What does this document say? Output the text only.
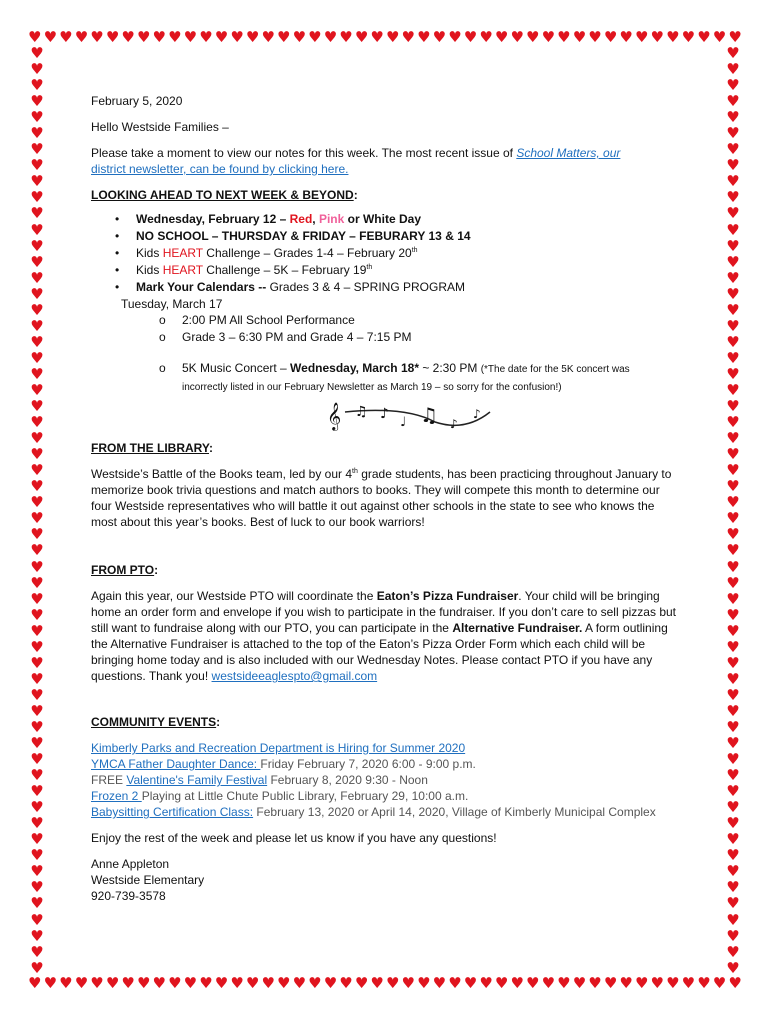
♥ ♥ ♥ ♥ ♥ ♥ ♥ ♥ ♥ ♥ ♥ ♥ ♥ ♥ ♥ ♥ ♥ ♥ ♥ ♥ ♥ ♥ ♥ ♥ ♥ ♥ ♥ ♥ ♥ ♥ ♥ ♥ ♥ ♥ ♥ ♥ ♥ ♥ ♥ ♥ ♥ ♥ ♥ ♥ ♥ ♥
♥ ♥ ♥ ♥ ♥ ♥ ♥ ♥ ♥ ♥ ♥ ♥ ♥ ♥ ♥ ♥ ♥ ♥ ♥ ♥ ♥ ♥ ♥ ♥ ♥ ♥ ♥ ♥ ♥ ♥ ♥ ♥ ♥ ♥ ♥ ♥ ♥ ♥ ♥ ♥ ♥ ♥ ♥ ♥ ♥ ♥
♥
♥
♥
♥
♥
♥
♥
♥
♥
♥
♥
♥
♥
♥
♥
♥
♥
♥
♥
♥
♥
♥
♥
♥
♥
♥
♥
♥
♥
♥
♥
♥
♥
♥
♥
♥
♥
♥
♥
♥
♥
♥
♥
♥
♥
♥
♥
♥
♥
♥
♥
♥
♥
♥
♥
♥
♥
♥
♥
♥
♥
♥
♥
♥
♥
♥
♥
♥
♥
♥
♥
♥
♥
♥
♥
♥
♥
♥
♥
♥
♥
♥
♥
♥
♥
♥
♥
♥
♥
♥
♥
♥
♥
♥
♥
♥
♥
♥
♥
♥
♥
♥
♥
♥
♥
♥
♥
♥
♥
♥
♥
♥
♥
♥
♥
♥

February 5, 2020

Hello Westside Families –

Please take a moment to view our notes for this week. The most recent issue of School Matters, our
district newsletter, can be found by clicking here.

LOOKING AHEAD TO NEXT WEEK & BEYOND:

• Wednesday, February 12 – Red, Pink or White Day
• NO SCHOOL – THURSDAY & FRIDAY – FEBURARY 13 & 14
• Kids HEART Challenge – Grades 1-4 – February 20th
• Kids HEART Challenge – 5K – February 19th
• Mark Your Calendars -- Grades 3 & 4 – SPRING PROGRAM

Tuesday, March 17

o 2:00 PM All School Performance
o Grade 3 – 6:30 PM and Grade 4 – 7:15 PM
o 5K Music Concert – Wednesday, March 18* ~ 2:30 PM (*The date for the 5K concert was
incorrectly listed in our February Newsletter as March 19 – so sorry for the confusion!)
𝄞 ♫ ♪
♩ ♫ ♪
♪

FROM THE LIBRARY:

Westside’s Battle of the Books team, led by our 4th grade students, has been practicing throughout January to memorize book trivia questions and match authors to books. They will compete this month to determine our four Westside representatives who will battle it out against other schools in the state to see who knows the most about this year’s books. Best of luck to our book warriors!

FROM PTO:

Again this year, our Westside PTO will coordinate the Eaton’s Pizza Fundraiser. Your child will be bringing home an order form and envelope if you wish to participate in the fundraiser. If you don’t care to sell pizzas but still want to fundraise along with our PTO, you can participate in the Alternative Fundraiser. A form outlining the Alternative Fundraiser is attached to the top of the Eaton’s Pizza Order Form which each child will be bringing home today and is also included with our Wednesday Notes. Please contact PTO if you have any questions. Thank you! westsideeaglespto@gmail.com

COMMUNITY EVENTS:

Kimberly Parks and Recreation Department is Hiring for Summer 2020

YMCA Father Daughter Dance: Friday February 7, 2020 6:00 - 9:00 p.m.

FREE Valentine's Family Festival February 8, 2020 9:30 - Noon

Frozen 2 Playing at Little Chute Public Library, February 29, 10:00 a.m.

Babysitting Certification Class: February 13, 2020 or April 14, 2020, Village of Kimberly Municipal Complex

Enjoy the rest of the week and please let us know if you have any questions!

Anne Appleton

Westside Elementary

920-739-3578
